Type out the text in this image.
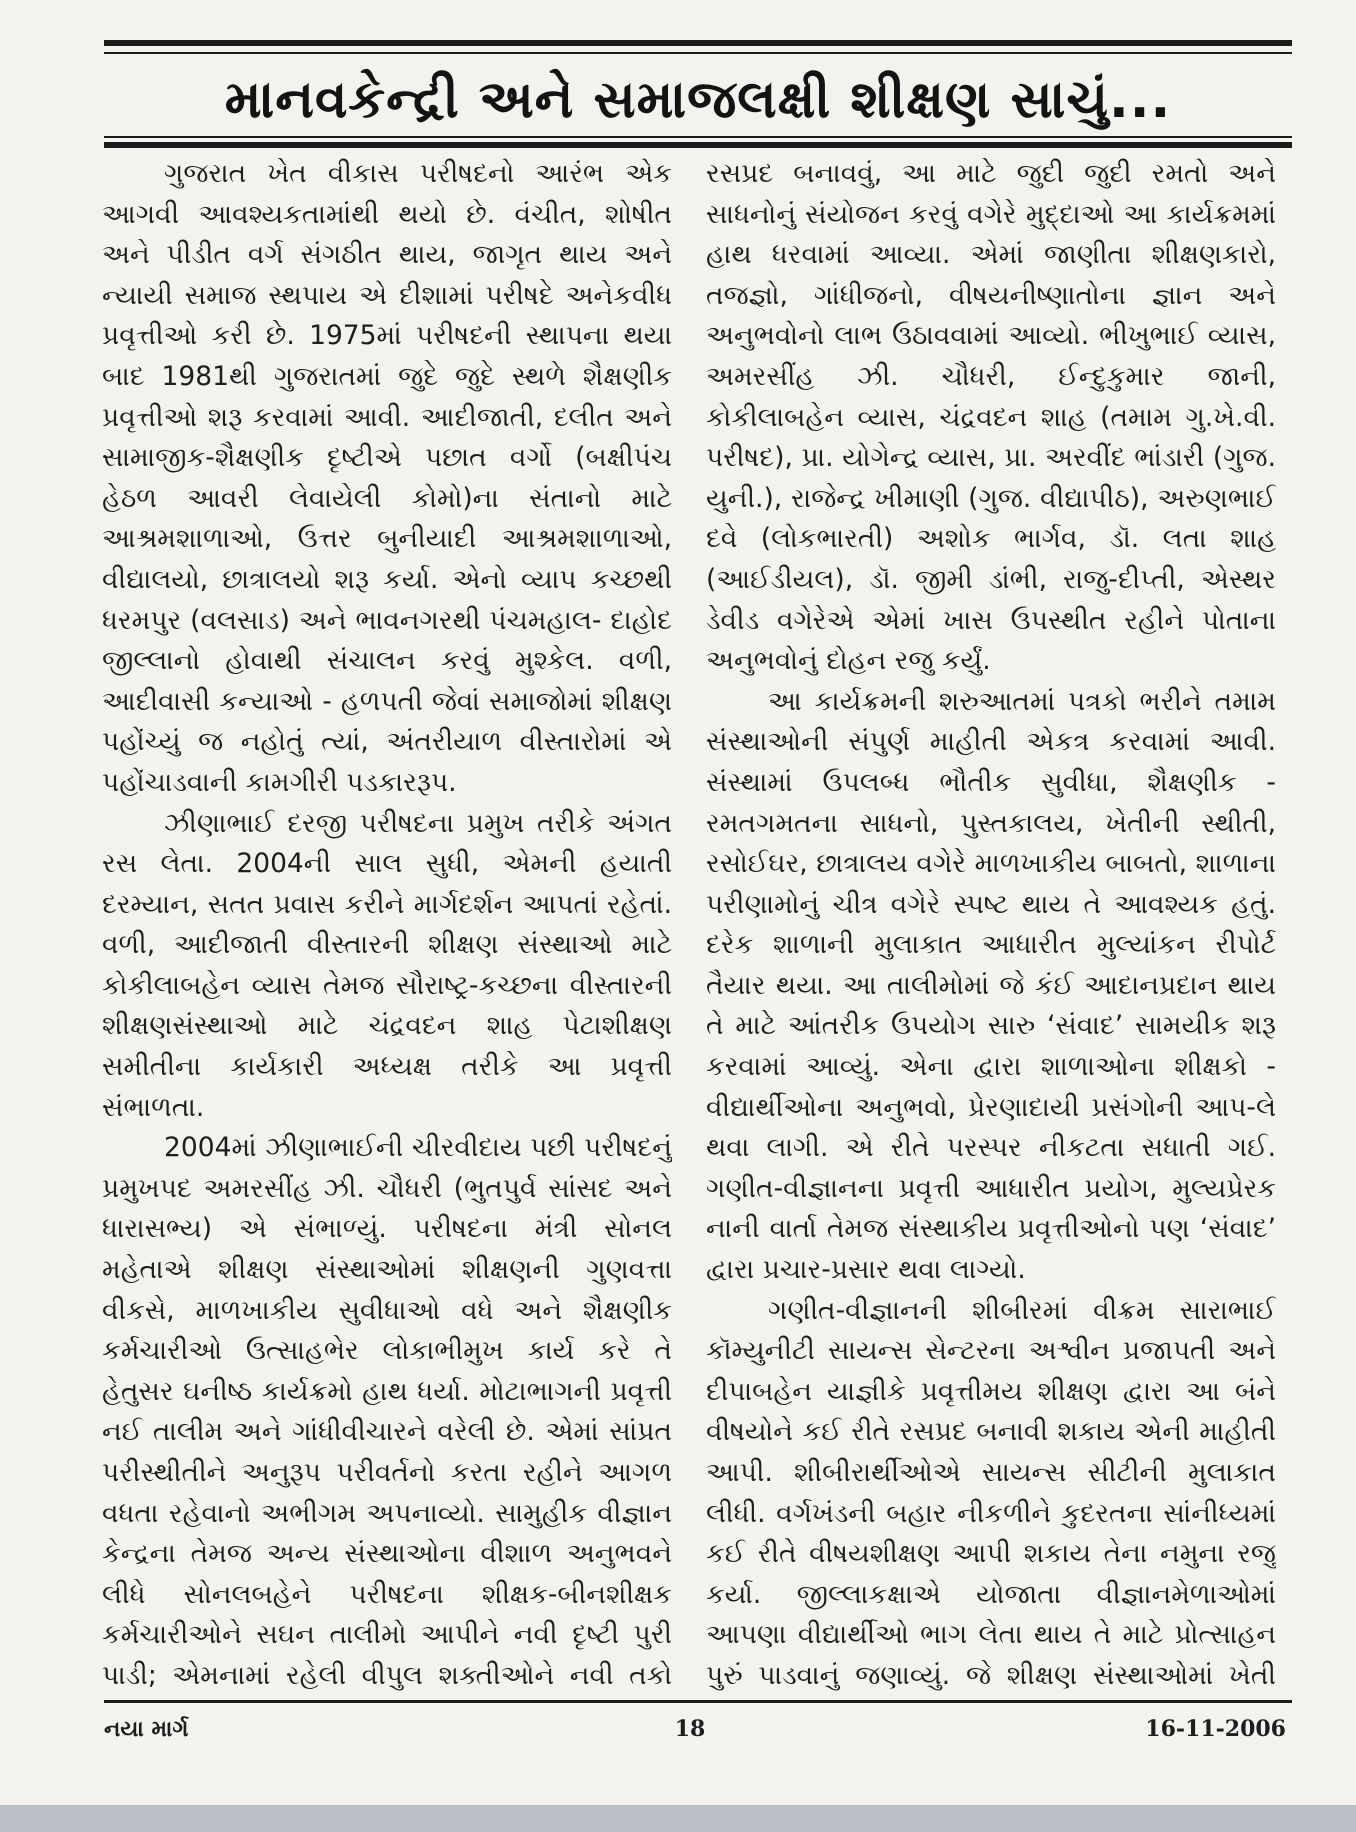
માનવકેન્દ્રી અને સમાજલક્ષી શીક્ષણ સાચું...

ગુજરાત ખેત વીકાસ પરીષદનો આરંભ એક આગવી આવશ્યકતામાંથી થયો છે. વંચીત, શોષીત અને પીડીત વર્ગ સંગઠીત થાય, જાગૃત થાય અને ન્યાયી સમાજ સ્થપાય એ દીશામાં પરીષદે અનેકવીધ પ્રવૃત્તીઓ કરી છે. 1975માં પરીષદની સ્થાપના થયા બાદ 1981થી ગુજરાતમાં જુદે જુદે સ્થળે શૈક્ષણીક પ્રવૃત્તીઓ શરૂ કરવામાં આવી. આદીજાતી, દલીત અને સામાજીક-શૈક્ષણીક દૃષ્ટીએ પછાત વર્ગો (બક્ષીપંચ હેઠળ આવરી લેવાયેલી કોમો)ના સંતાનો માટે આશ્રમશાળાઓ, ઉત્તર બુનીયાદી આશ્રમશાળાઓ, વીદ્યાલયો, છાત્રાલયો શરૂ કર્યા. એનો વ્યાપ કચ્છથી ધરમપુર (વલસાડ) અને ભાવનગરથી પંચમહાલ- દાહોદ જીલ્લાનો હોવાથી સંચાલન કરવું મુશ્કેલ. વળી, આદીવાસી કન્યાઓ - હળપતી જેવાં સમાજોમાં શીક્ષણ પહોંચ્યું જ નહોતું ત્યાં, અંતરીયાળ વીસ્તારોમાં એ પહોંચાડવાની કામગીરી પડકારરૂપ.

ઝીણાભાઈ દરજી પરીષદના પ્રમુખ તરીકે અંગત રસ લેતા. 2004ની સાલ સુધી, એમની હયાતી દરમ્યાન, સતત પ્રવાસ કરીને માર્ગદર્શન આપતાં રહેતાં. વળી, આદીજાતી વીસ્તારની શીક્ષણ સંસ્થાઓ માટે કોકીલાબહેન વ્યાસ તેમજ સૌરાષ્ટ્ર-કચ્છના વીસ્તારની શીક્ષણસંસ્થાઓ માટે ચંદ્રવદન શાહ પેટાશીક્ષણ સમીતીના કાર્યકારી અધ્યક્ષ તરીકે આ પ્રવૃત્તી સંભાળતા.

2004માં ઝીણાભાઈની ચીરવીદાય પછી પરીષદનું પ્રમુખપદ અમરસીંહ ઝી. ચૌધરી (ભુતપુર્વ સાંસદ અને ધારાસભ્ય) એ સંભાળ્યું. પરીષદના મંત્રી સોનલ મહેતાએ શીક્ષણ સંસ્થાઓમાં શીક્ષણની ગુણવત્તા વીકસે, માળખાકીય સુવીધાઓ વધે અને શૈક્ષણીક કર્મચારીઓ ઉત્સાહભેર લોકાભીમુખ કાર્ય કરે તે હેતુસર ઘનીષ્ઠ કાર્યક્રમો હાથ ધર્યા. મોટાભાગની પ્રવૃત્તી નઈ તાલીમ અને ગાંધીવીચારને વરેલી છે. એમાં સાંપ્રત પરીસ્થીતીને અનુરૂપ પરીવર્તનો કરતા રહીને આગળ વધતા રહેવાનો અભીગમ અપનાવ્યો. સામુહીક વીજ્ઞાન કેન્દ્રના તેમજ અન્ય સંસ્થાઓના વીશાળ અનુભવને લીધે સોનલબહેને પરીષદના શીક્ષક-બીનશીક્ષક કર્મચારીઓને સઘન તાલીમો આપીને નવી દૃષ્ટી પુરી પાડી; એમનામાં રહેલી વીપુલ શક્તીઓને નવી તકો

રસપ્રદ બનાવવું, આ માટે જુદી જુદી રમતો અને સાધનોનું સંયોજન કરવું વગેરે મુદ્દાઓ આ કાર્યક્રમમાં હાથ ધરવામાં આવ્યા. એમાં જાણીતા શીક્ષણકારો, તજજ્ઞો, ગાંધીજનો, વીષયનીષ્ણાતોના જ્ઞાન અને અનુભવોનો લાભ ઉઠાવવામાં આવ્યો. ભીખુભાઈ વ્યાસ, અમરસીંહ ઝી. ચૌધરી, ઈન્દુકુમાર જાની, કોકીલાબહેન વ્યાસ, ચંદ્રવદન શાહ (તમામ ગુ.ખે.વી. પરીષદ), પ્રા. યોગેન્દ્ર વ્યાસ, પ્રા. અરવીંદ ભાંડારી (ગુજ. યુની.), રાજેન્દ્ર ખીમાણી (ગુજ. વીદ્યાપીઠ), અરુણભાઈ દવે (લોકભારતી) અશોક ભાર્ગવ, ડૉ. લતા શાહ (આઈડીયલ), ડૉ. જીમી ડાંભી, રાજુ-દીપ્તી, એસ્થર ડેવીડ વગેરેએ એમાં ખાસ ઉપસ્થીત રહીને પોતાના અનુભવોનું દોહન રજુ કર્યું.

આ કાર્યક્રમની શરુઆતમાં પત્રકો ભરીને તમામ સંસ્થાઓની સંપુર્ણ માહીતી એકત્ર કરવામાં આવી. સંસ્થામાં ઉપલબ્ધ ભૌતીક સુવીધા, શૈક્ષણીક - રમતગમતના સાધનો, પુસ્તકાલય, ખેતીની સ્થીતી, રસોઈઘર, છાત્રાલય વગેરે માળખાકીય બાબતો, શાળાના પરીણામોનું ચીત્ર વગેરે સ્પષ્ટ થાય તે આવશ્યક હતું. દરેક શાળાની મુલાકાત આધારીત મુલ્યાંકન રીપોર્ટ તૈયાર થયા. આ તાલીમોમાં જે કંઈ આદાનપ્રદાન થાય તે માટે આંતરીક ઉપયોગ સારુ ‘સંવાદ’ સામયીક શરૂ કરવામાં આવ્યું. એના દ્વારા શાળાઓના શીક્ષકો - વીદ્યાર્થીઓના અનુભવો, પ્રેરણાદાયી પ્રસંગોની આપ-લે થવા લાગી. એ રીતે પરસ્પર નીકટતા સધાતી ગઈ. ગણીત-વીજ્ઞાનના પ્રવૃત્તી આધારીત પ્રયોગ, મુલ્યપ્રેરક નાની વાર્તા તેમજ સંસ્થાકીય પ્રવૃત્તીઓનો પણ ‘સંવાદ’ દ્વારા પ્રચાર-પ્રસાર થવા લાગ્યો.

ગણીત-વીજ્ઞાનની શીબીરમાં વીક્રમ સારાભાઈ કૉમ્યુનીટી સાયન્સ સેન્ટરના અશ્વીન પ્રજાપતી અને દીપાબહેન યાજ્ઞીકે પ્રવૃત્તીમય શીક્ષણ દ્વારા આ બંને વીષયોને કઈ રીતે રસપ્રદ બનાવી શકાય એની માહીતી આપી. શીબીરાર્થીઓએ સાયન્સ સીટીની મુલાકાત લીધી. વર્ગખંડની બહાર નીકળીને કુદરતના સાંનીધ્યમાં કઈ રીતે વીષયશીક્ષણ આપી શકાય તેના નમુના રજુ કર્યા. જીલ્લાકક્ષાએ યોજાતા વીજ્ઞાનમેળાઓમાં આપણા વીદ્યાર્થીઓ ભાગ લેતા થાય તે માટે પ્રોત્સાહન પુરું પાડવાનું જણાવ્યું. જે શીક્ષણ સંસ્થાઓમાં ખેતી

નયા માર્ગ	18	16-11-2006
